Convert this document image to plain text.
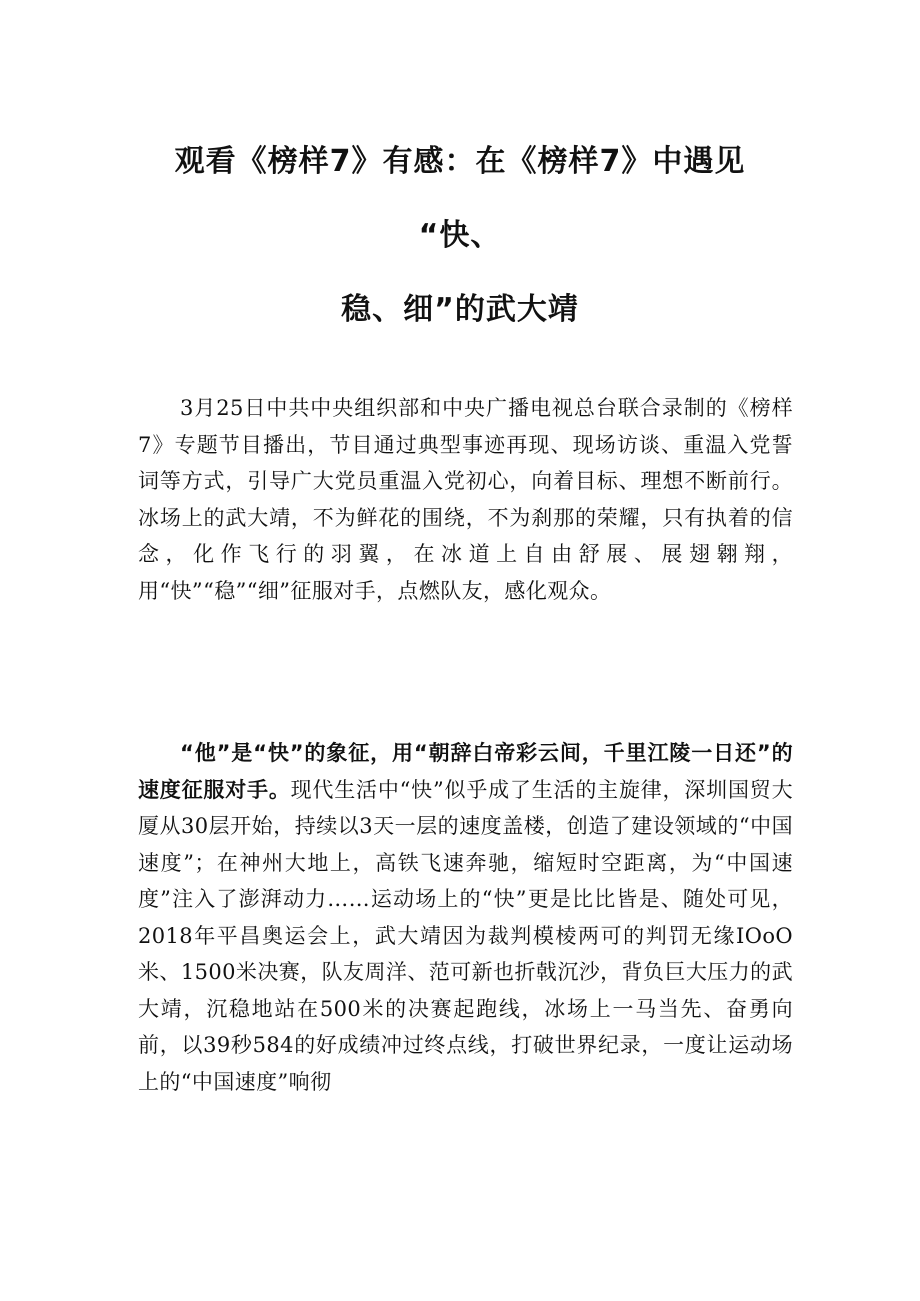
观看《榜样7》有感：在《榜样7》中遇见
“快、
稳、细”的武大靖

3月25日中共中央组织部和中央广播电视总台联合录制的《榜样7》专题节目播出，节目通过典型事迹再现、现场访谈、重温入党誓词等方式，引导广大党员重温入党初心，向着目标、理想不断前行。冰场上的武大靖，不为鲜花的围绕，不为刹那的荣耀，只有执着的信念，化作飞行的羽翼，在冰道上自由舒展、展翅翱翔，用“快”“稳”“细”征服对手，点燃队友，感化观众。

“他”是“快”的象征，用“朝辞白帝彩云间，千里江陵一日还”的速度征服对手。现代生活中“快”似乎成了生活的主旋律，深圳国贸大厦从30层开始，持续以3天一层的速度盖楼，创造了建设领域的“中国速度”；在神州大地上，高铁飞速奔驰，缩短时空距离，为“中国速度”注入了澎湃动力……运动场上的“快”更是比比皆是、随处可见，2018年平昌奥运会上，武大靖因为裁判模棱两可的判罚无缘IOoO米、1500米决赛，队友周洋、范可新也折戟沉沙，背负巨大压力的武大靖，沉稳地站在500米的决赛起跑线，冰场上一马当先、奋勇向前，以39秒584的好成绩冲过终点线，打破世界纪录，一度让运动场上的“中国速度”响彻
